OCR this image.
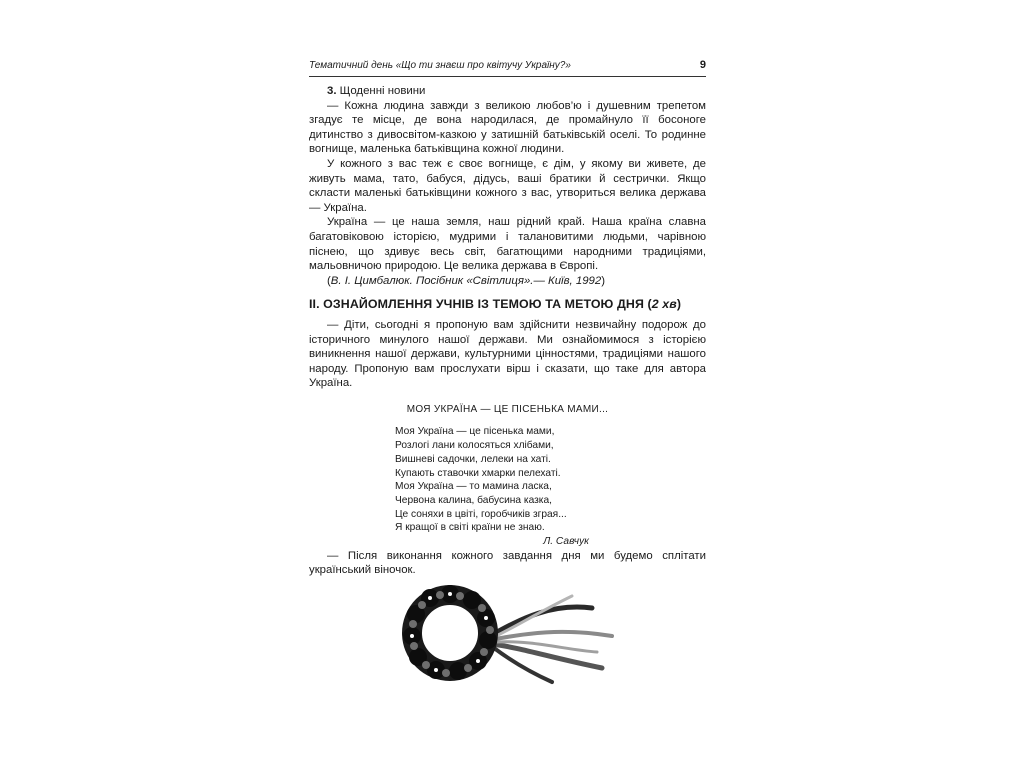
Тематичний день «Що ти знаєш про квітучу Україну?»	9

3. Щоденні новини

— Кожна людина завжди з великою любов’ю і душевним трепетом згадує те місце, де вона народилася, де промайнуло її босоноге дитинство з дивосвітом-казкою у затишній батьківській оселі. То родинне вогнище, маленька батьківщина кожної людини.

У кожного з вас теж є своє вогнище, є дім, у якому ви живете, де живуть мама, тато, бабуся, дідусь, ваші братики й сестрички. Якщо скласти маленькі батьківщини кожного з вас, утвориться велика держава — Україна.

Україна — це наша земля, наш рідний край. Наша країна славна багатовіковою історією, мудрими і талановитими людьми, чарівною піснею, що здивує весь світ, багатющими народними традиціями, мальовничою природою. Це велика держава в Європі.

(В. І. Цимбалюк. Посібник «Світлиця».— Київ, 1992)

II. ОЗНАЙОМЛЕННЯ УЧНІВ ІЗ ТЕМОЮ ТА МЕТОЮ ДНЯ (2 хв)

— Діти, сьогодні я пропоную вам здійснити незвичайну подорож до історичного минулого нашої держави. Ми ознайомимося з історією виникнення нашої держави, культурними цінностями, традиціями нашого народу. Пропоную вам прослухати вірш і сказати, що таке для автора Україна.

МОЯ УКРАЇНА — ЦЕ ПІСЕНЬКА МАМИ...
Моя Україна — це пісенька мами,
Розлогі лани колосяться хлібами,
Вишневі садочки, лелеки на хаті.
Купають ставочки хмарки пелехаті.
Моя Україна — то мамина ласка,
Червона калина, бабусина казка,
Це соняхи в цвіті, горобчиків зграя...
Я кращої в світі країни не знаю.
Л. Савчук

— Після виконання кожного завдання дня ми будемо сплітати український віночок.
